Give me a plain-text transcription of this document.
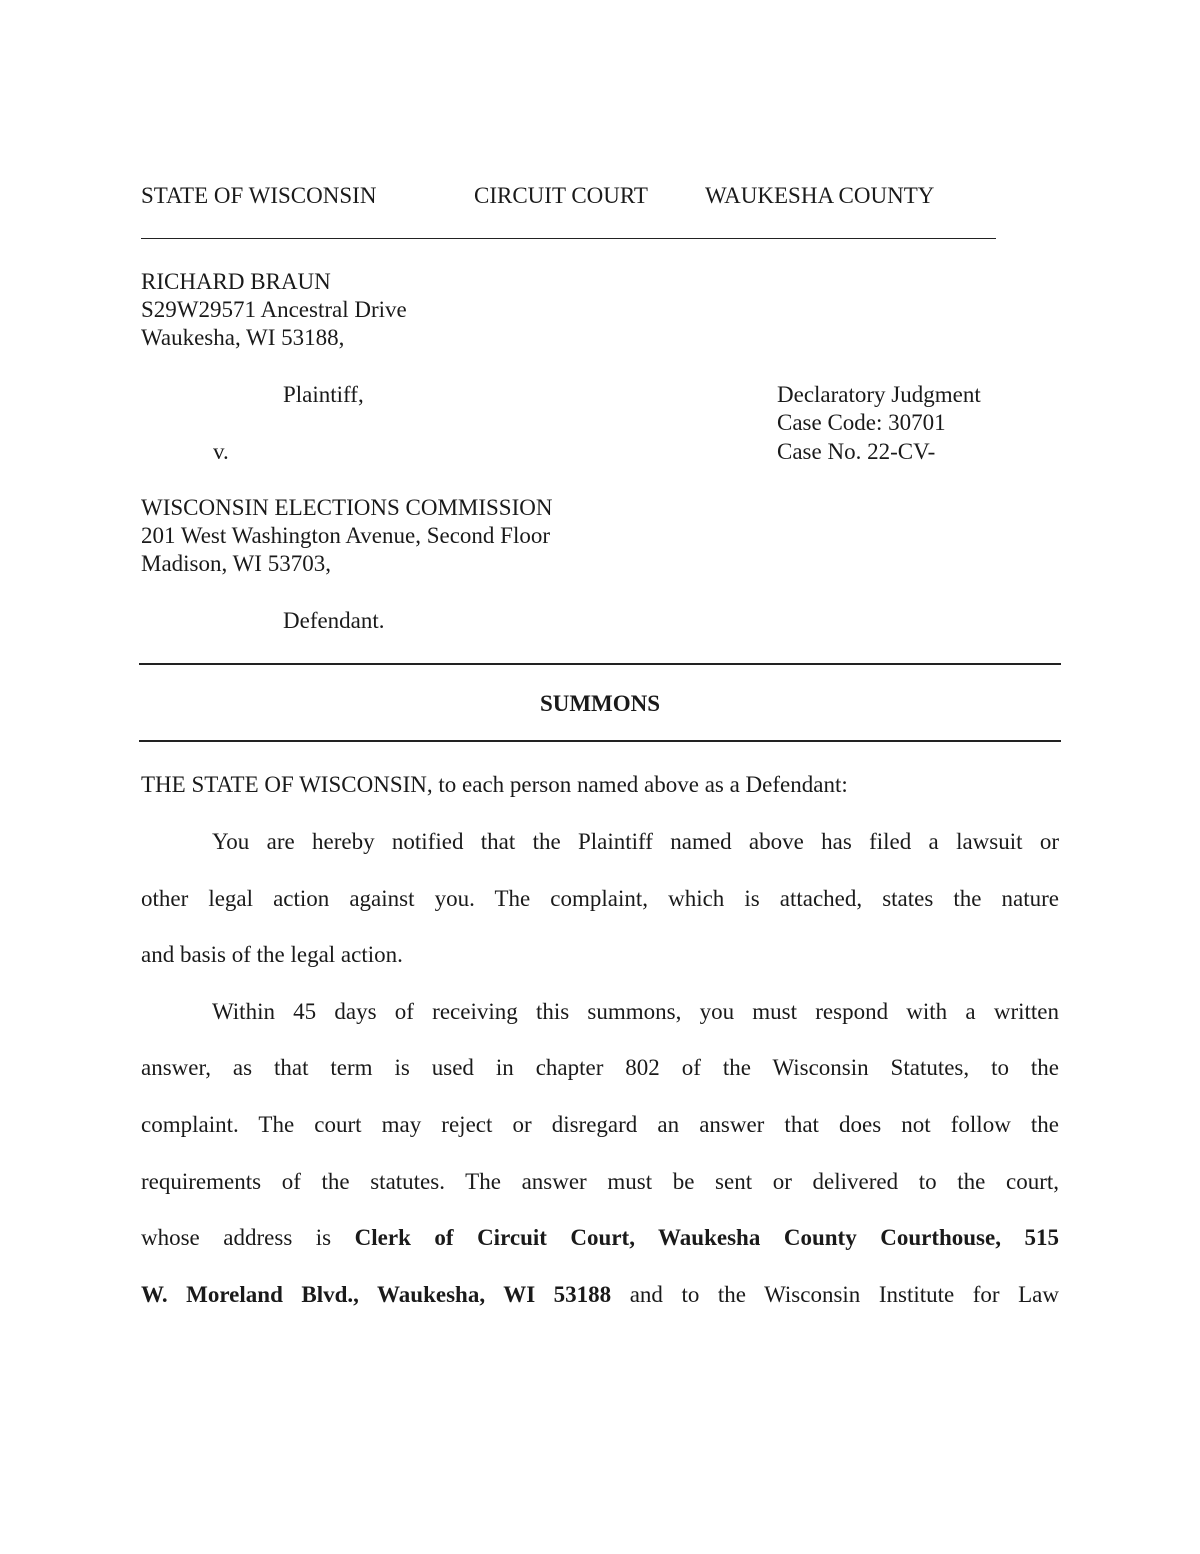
STATE OF WISCONSIN	CIRCUIT COURT WAUKESHA COUNTY
RICHARD BRAUN
S29W29571 Ancestral Drive
Waukesha, WI 53188,
Plaintiff,
v.
Declaratory Judgment
Case Code: 30701
Case No. 22-CV-
WISCONSIN ELECTIONS COMMISSION
201 West Washington Avenue, Second Floor
Madison, WI 53703,
Defendant.
SUMMONS
THE STATE OF WISCONSIN, to each person named above as a Defendant:
You are hereby notified that the Plaintiff named above has filed a lawsuit or
other legal action against you. The complaint, which is attached, states the nature
and basis of the legal action.
Within 45 days of receiving this summons, you must respond with a written
answer, as that term is used in chapter 802 of the Wisconsin Statutes, to the
complaint. The court may reject or disregard an answer that does not follow the
requirements of the statutes. The answer must be sent or delivered to the court,
whose address is Clerk of Circuit Court, Waukesha County Courthouse, 515
W. Moreland Blvd., Waukesha, WI 53188 and to the Wisconsin Institute for Law
